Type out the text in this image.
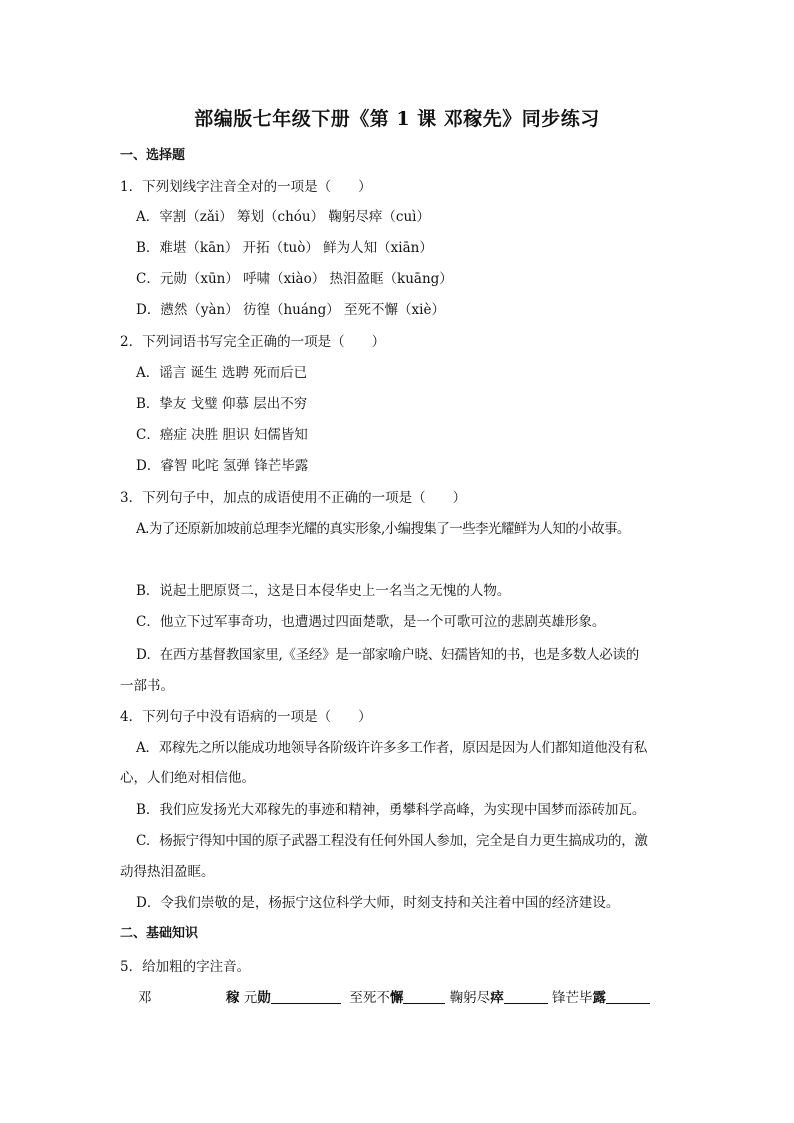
部编版七年级下册《第 1 课 邓稼先》同步练习
一、选择题
1．下列划线字注音全对的一项是（　　）
A．宰割（zǎi） 筹划（chóu） 鞠躬尽瘁（cuì）
B．难堪（kān） 开拓（tuò） 鲜为人知（xiān）
C．元勋（xūn） 呼啸（xiào） 热泪盈眶（kuāng）
D．懑然（yàn） 彷徨（huáng） 至死不懈（xiè）
2．下列词语书写完全正确的一项是（　　）
A．谣言 诞生 选聘 死而后已
B．挚友 戈璧 仰慕 层出不穷
C．癌症 决胜 胆识 妇儒皆知
D．睿智 叱咤 氢弹 锋芒毕露
3．下列句子中，加点的成语使用不正确的一项是（　　）
A.为了还原新加坡前总理李光耀的真实形象,小编搜集了一些李光耀鲜为人知的小故事。
B．说起土肥原贤二，这是日本侵华史上一名当之无愧的人物。
C．他立下过军事奇功，也遭遇过四面楚歌，是一个可歌可泣的悲剧英雄形象。
D．在西方基督教国家里,《圣经》是一部家喻户晓、妇孺皆知的书，也是多数人必读的
一部书。
4．下列句子中没有语病的一项是（　　）
A．邓稼先之所以能成功地领导各阶级许许多多工作者，原因是因为人们都知道他没有私
心，人们绝对相信他。
B．我们应发扬光大邓稼先的事迹和精神，勇攀科学高峰，为实现中国梦而添砖加瓦。
C．杨振宁得知中国的原子武器工程没有任何外国人参加，完全是自力更生搞成功的，激
动得热泪盈眶。
D．令我们崇敬的是，杨振宁这位科学大师，时刻支持和关注着中国的经济建设。
二、基础知识
5．给加粗的字注音。
邓	稼 元勋	至死不懈	鞠躬尽瘁	锋芒毕露
